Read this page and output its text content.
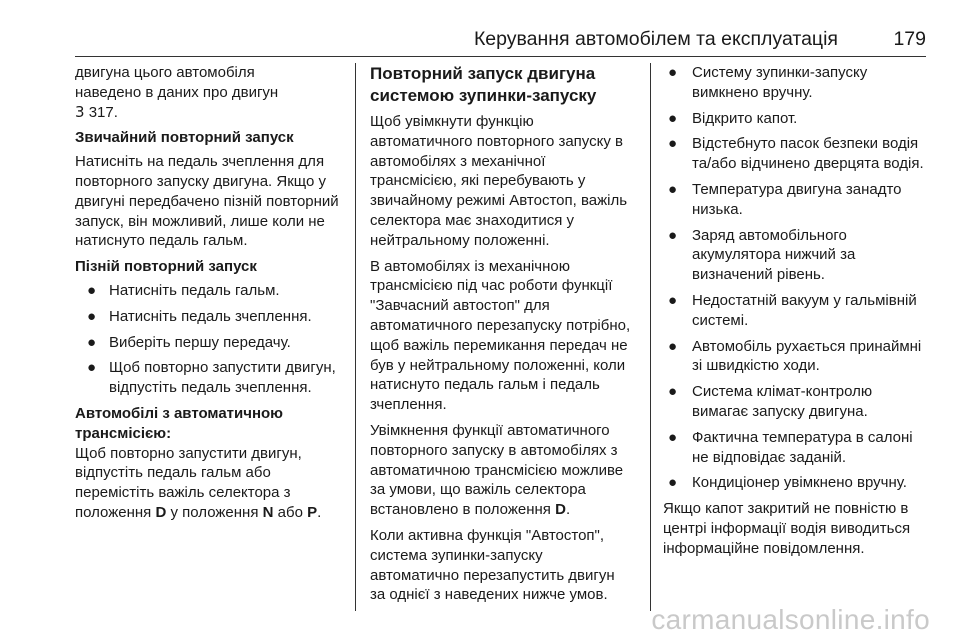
Керування автомобілем та експлуатація	179

двигуна цього автомобіля
наведено в даних про двигун
3 317.

Звичайний повторний запуск

Натисніть на педаль зчеплення для повторного запуску двигуна. Якщо у двигуні передбачено пізній повторний запуск, він можливий, лише коли не натиснуто педаль гальм.

Пізній повторний запуск

● Натисніть педаль гальм.
● Натисніть педаль зчеплення.
● Виберіть першу передачу.
● Щоб повторно запустити двигун, відпустіть педаль зчеплення.

Автомобілі з автоматичною трансмісією:

Щоб повторно запустити двигун, відпустіть педаль гальм або перемістіть важіль селектора з положення D у положення N або P.

Повторний запуск двигуна системою зупинки-запуску

Щоб увімкнути функцію автоматичного повторного запуску в автомобілях з механічної трансмісією, які перебувають у звичайному режимі Автостоп, важіль селектора має знаходитися у нейтральному положенні.

В автомобілях із механічною трансмісією під час роботи функції "Завчасний автостоп" для автоматичного перезапуску потрібно, щоб важіль перемикання передач не був у нейтральному положенні, коли натиснуто педаль гальм і педаль зчеплення.

Увімкнення функції автоматичного повторного запуску в автомобілях з автоматичною трансмісією можливе за умови, що важіль селектора встановлено в положення D.

Коли активна функція "Автостоп", система зупинки-запуску автоматично перезапустить двигун за однієї з наведених нижче умов.

● Систему зупинки-запуску вимкнено вручну.
● Відкрито капот.
● Відстебнуто пасок безпеки водія та/або відчинено дверцята водія.
● Температура двигуна занадто низька.
● Заряд автомобільного акумулятора нижчий за визначений рівень.
● Недостатній вакуум у гальмівній системі.
● Автомобіль рухається принаймні зі швидкістю ходи.
● Система клімат-контролю вимагає запуску двигуна.
● Фактична температура в салоні не відповідає заданій.
● Кондиціонер увімкнено вручну.

Якщо капот закритий не повністю в центрі інформації водія виводиться інформаційне повідомлення.

carmanualsonline.info
